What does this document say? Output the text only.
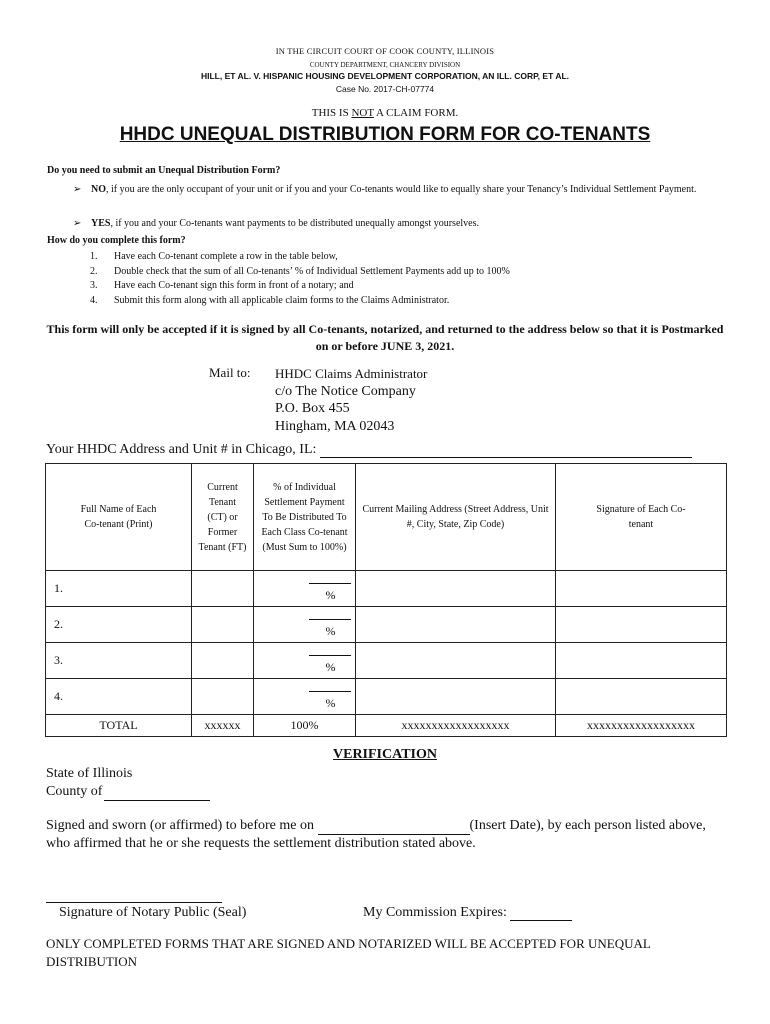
IN THE CIRCUIT COURT OF COOK COUNTY, ILLINOIS
COUNTY DEPARTMENT, CHANCERY DIVISION
HILL, ET AL. V. HISPANIC HOUSING DEVELOPMENT CORPORATION, AN ILL. CORP, ET AL.
Case No. 2017-CH-07774
THIS IS NOT A CLAIM FORM.
HHDC UNEQUAL DISTRIBUTION FORM FOR CO-TENANTS
Do you need to submit an Unequal Distribution Form?
➢ NO, if you are the only occupant of your unit or if you and your Co-tenants would like to equally share your Tenancy’s Individual Settlement Payment.
➢ YES, if you and your Co-tenants want payments to be distributed unequally amongst yourselves.
How do you complete this form?
1. Have each Co-tenant complete a row in the table below,
2. Double check that the sum of all Co-tenants’ % of Individual Settlement Payments add up to 100%
3. Have each Co-tenant sign this form in front of a notary; and
4. Submit this form along with all applicable claim forms to the Claims Administrator.
This form will only be accepted if it is signed by all Co-tenants, notarized, and returned to the address below so that it is Postmarked on or before JUNE 3, 2021.
Mail to: HHDC Claims Administrator
c/o The Notice Company
P.O. Box 455
Hingham, MA 02043
Your HHDC Address and Unit # in Chicago, IL:
Full Name of Each Co-tenant (Print)	Current Tenant (CT) or Former Tenant (FT)	% of Individual Settlement Payment To Be Distributed To Each Class Co-tenant (Must Sum to 100%)	Current Mailing Address (Street Address, Unit #, City, State, Zip Code)	Signature of Each Co-tenant

1.		%		
2.		%		
3.		%		
4.		%		
TOTAL	xxxxxx	100%	xxxxxxxxxxxxxxxxxx	xxxxxxxxxxxxxxxxxx
VERIFICATION
State of Illinois
County of
Signed and sworn (or affirmed) to before me on	(Insert Date), by each person listed above, who affirmed that he or she requests the settlement distribution stated above.
Signature of Notary Public (Seal)	My Commission Expires:
ONLY COMPLETED FORMS THAT ARE SIGNED AND NOTARIZED WILL BE ACCEPTED FOR UNEQUAL DISTRIBUTION
